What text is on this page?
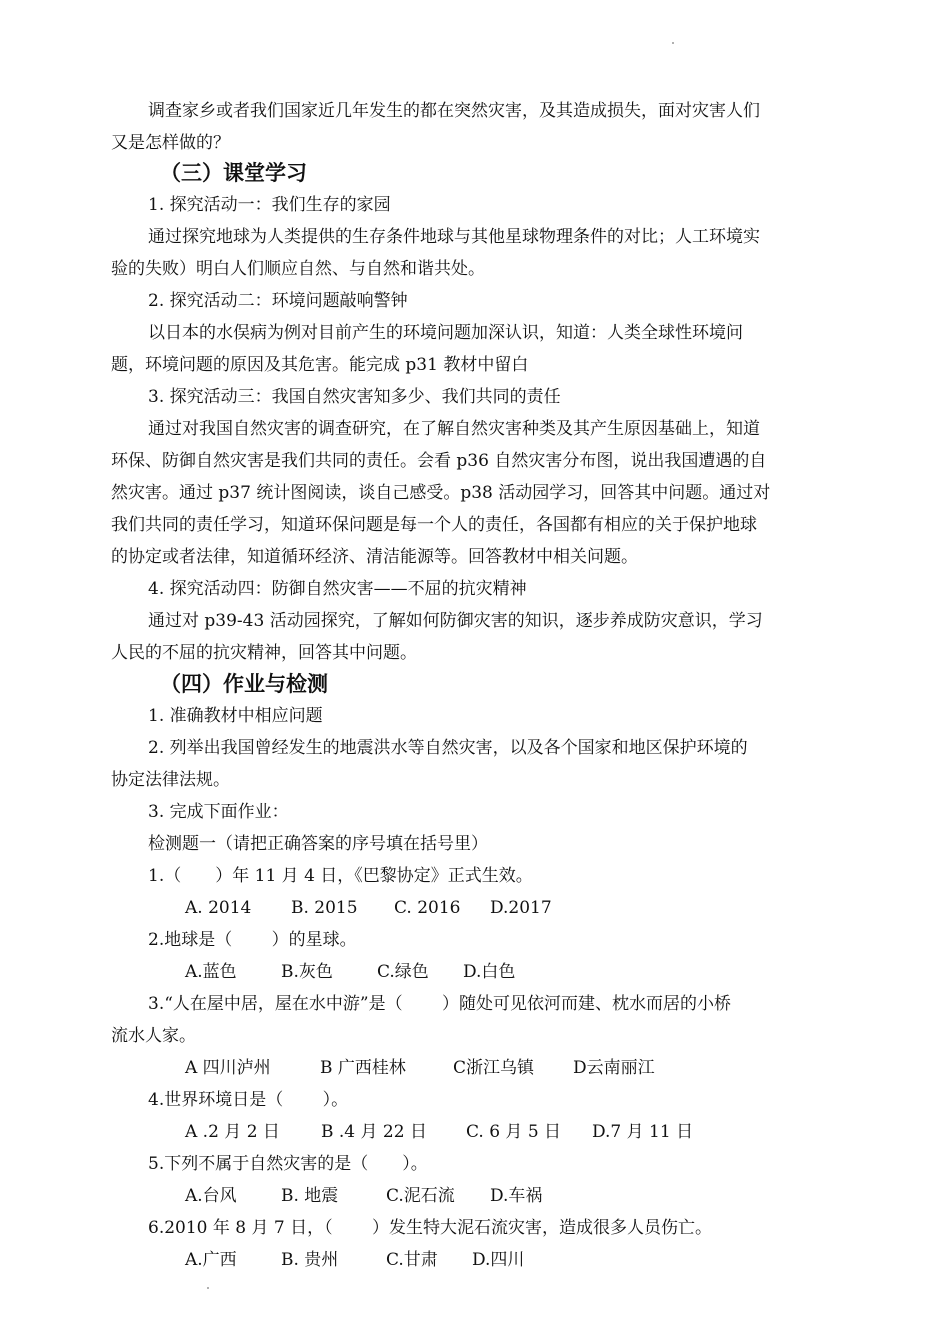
调查家乡或者我们国家近几年发生的都在突然灾害，及其造成损失，面对灾害人们
又是怎样做的？
（三）课堂学习
1. 探究活动一：我们生存的家园
通过探究地球为人类提供的生存条件地球与其他星球物理条件的对比；人工环境实
验的失败）明白人们顺应自然、与自然和谐共处。
2. 探究活动二：环境问题敲响警钟
以日本的水俣病为例对目前产生的环境问题加深认识，知道：人类全球性环境问
题，环境问题的原因及其危害。能完成 p31 教材中留白
3. 探究活动三：我国自然灾害知多少、我们共同的责任
通过对我国自然灾害的调查研究，在了解自然灾害种类及其产生原因基础上，知道
环保、防御自然灾害是我们共同的责任。会看 p36 自然灾害分布图，说出我国遭遇的自
然灾害。通过 p37 统计图阅读，谈自己感受。p38 活动园学习，回答其中问题。通过对
我们共同的责任学习，知道环保问题是每一个人的责任，各国都有相应的关于保护地球
的协定或者法律，知道循环经济、清洁能源等。回答教材中相关问题。
4. 探究活动四：防御自然灾害——不屈的抗灾精神
通过对 p39-43 活动园探究，了解如何防御灾害的知识，逐步养成防灾意识，学习
人民的不屈的抗灾精神，回答其中问题。
（四）作业与检测
1. 准确教材中相应问题
2. 列举出我国曾经发生的地震洪水等自然灾害，以及各个国家和地区保护环境的
协定法律法规。
3. 完成下面作业：
检测题一（请把正确答案的序号填在括号里）
1.（　　）年 11 月 4 日，《巴黎协定》正式生效。
A. 2014 B. 2015 C. 2016 D.2017
2.地球是（　　 ）的星球。
A.蓝色	B.灰色	C.绿色 D.白色
3.“人在屋中居，屋在水中游”是（　　 ）随处可见依河而建、枕水而居的小桥
流水人家。
A 四川泸州	B 广西桂林	C浙江乌镇 D云南丽江
4.世界环境日是（　　 ）。
A .2 月 2 日 B .4 月 22 日 C. 6 月 5 日 D.7 月 11 日
5.下列不属于自然灾害的是（　　）。
A.台风	B. 地震	C.泥石流 D.车祸
6.2010 年 8 月 7 日，（　　 ）发生特大泥石流灾害，造成很多人员伤亡。
A.广西	B. 贵州	C.甘肃 D.四川
